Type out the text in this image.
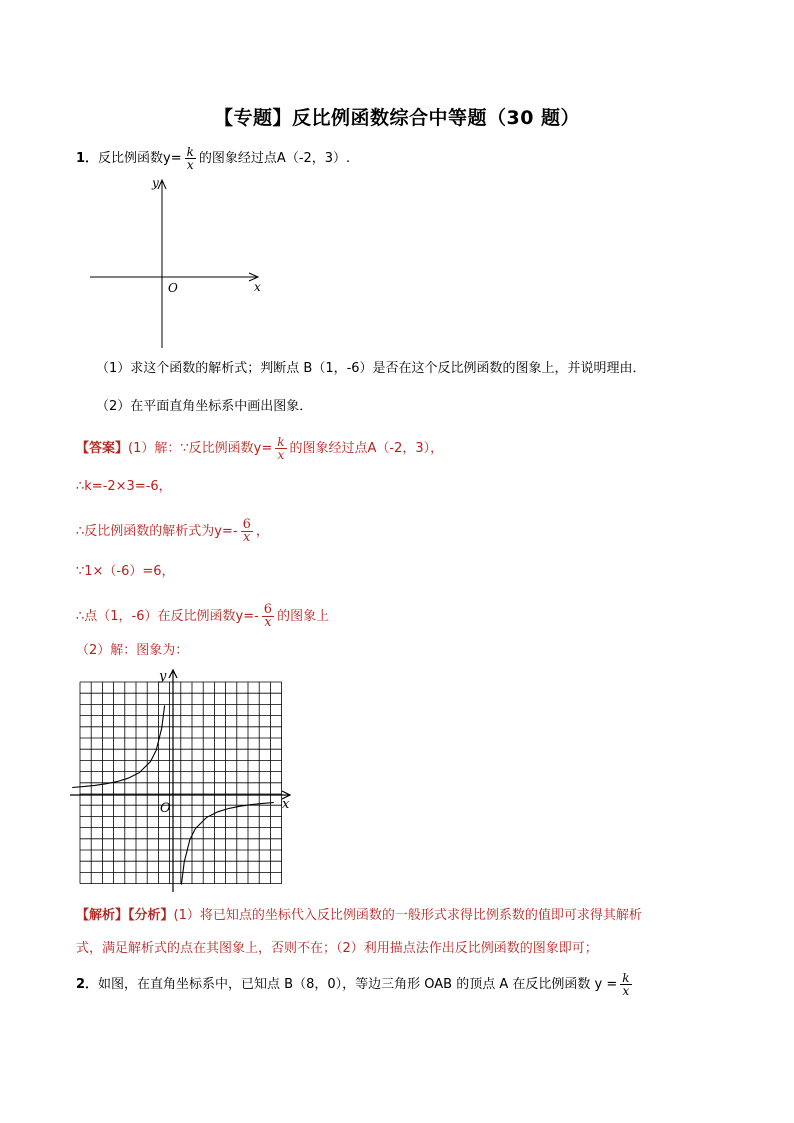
【专题】反比例函数综合中等题（30 题）
1．反比例函数$y= \frac{k}{x}$ 的图象经过点A（-2，3）.
y
x
O
（1）求这个函数的解析式；判断点 B（1，-6）是否在这个反比例函数的图象上，并说明理由．
（2）在平面直角坐标系中画出图象．
【答案】(1）解：∵反比例函数$y= \frac{k}{x}$ 的图象经过点A（-2，3），
∴k=-2×3=-6，
∴反比例函数的解析式为$y=- \frac{6}{x}$ ，
∵1×（-6）=6，
∴点（1，-6）在反比例函数$y=- \frac{6}{x}$ 的图象上
（2）解：图象为：
y
x
O
【解析】【分析】(1）将已知点的坐标代入反比例函数的一般形式求得比例系数的值即可求得其解析
式，满足解析式的点在其图象上，否则不在；（2）利用描点法作出反比例函数的图象即可；
2．如图，在直角坐标系中，已知点 B（8，0），等边三角形 OAB 的顶点 A 在反比例函数 $y = \frac{k}{x}$
